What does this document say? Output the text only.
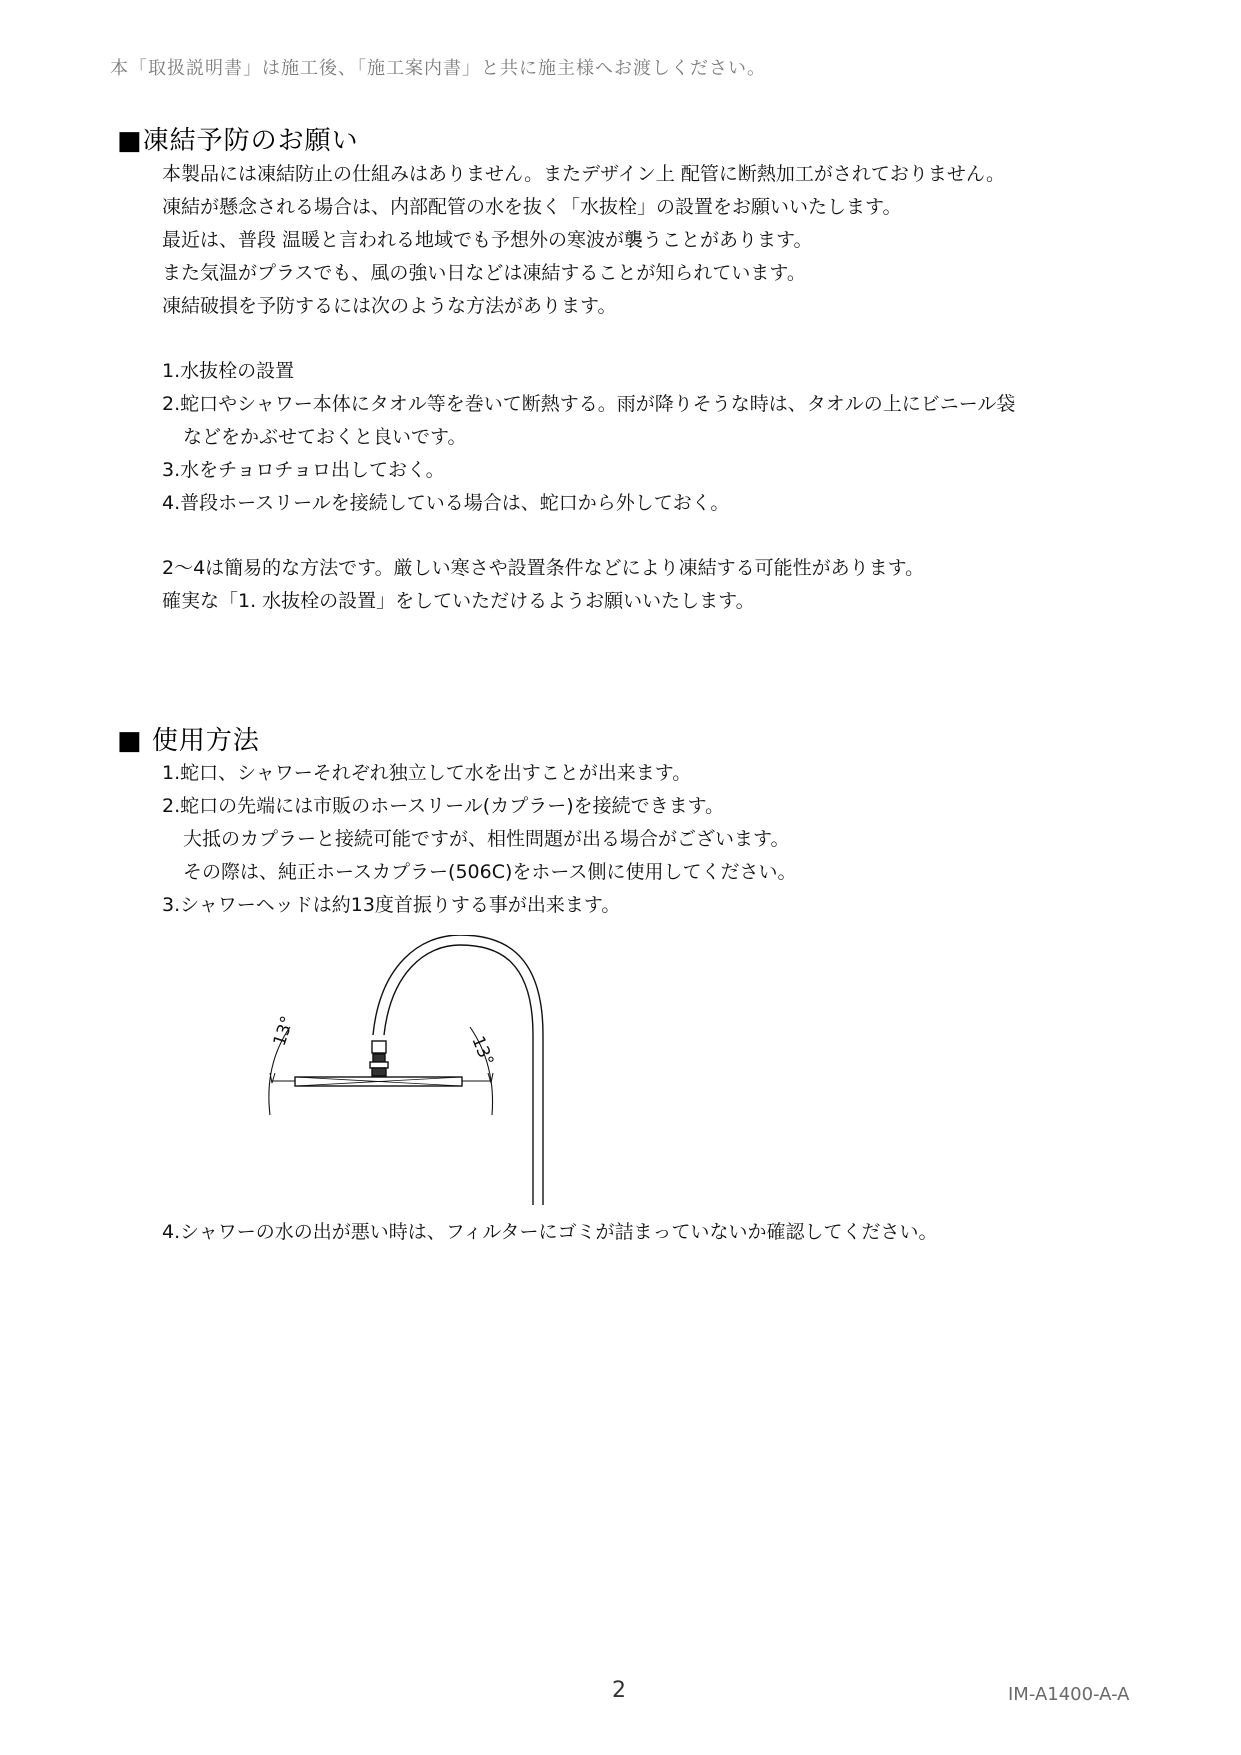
本「取扱説明書」は施工後、「施工案内書」と共に施主様へお渡しください。
■凍結予防のお願い
本製品には凍結防止の仕組みはありません。またデザイン上 配管に断熱加工がされておりません。
凍結が懸念される場合は、内部配管の水を抜く「水抜栓」の設置をお願いいたします。
最近は、普段 温暖と言われる地域でも予想外の寒波が襲うことがあります。
また気温がプラスでも、風の強い日などは凍結することが知られています。
凍結破損を予防するには次のような方法があります。
1.水抜栓の設置
2.蛇口やシャワー本体にタオル等を巻いて断熱する。雨が降りそうな時は、タオルの上にビニール袋
などをかぶせておくと良いです。
3.水をチョロチョロ出しておく。
4.普段ホースリールを接続している場合は、蛇口から外しておく。
2～4は簡易的な方法です。厳しい寒さや設置条件などにより凍結する可能性があります。
確実な「1. 水抜栓の設置」をしていただけるようお願いいたします。
■ 使用方法
1.蛇口、シャワーそれぞれ独立して水を出すことが出来ます。
2.蛇口の先端には市販のホースリール(カプラー)を接続できます。
大抵のカプラーと接続可能ですが、相性問題が出る場合がございます。
その際は、純正ホースカプラー(506C)をホース側に使用してください。
3.シャワーヘッドは約13度首振りする事が出来ます。
13°
13°
4.シャワーの水の出が悪い時は、フィルターにゴミが詰まっていないか確認してください。
2	IM-A1400-A-A
